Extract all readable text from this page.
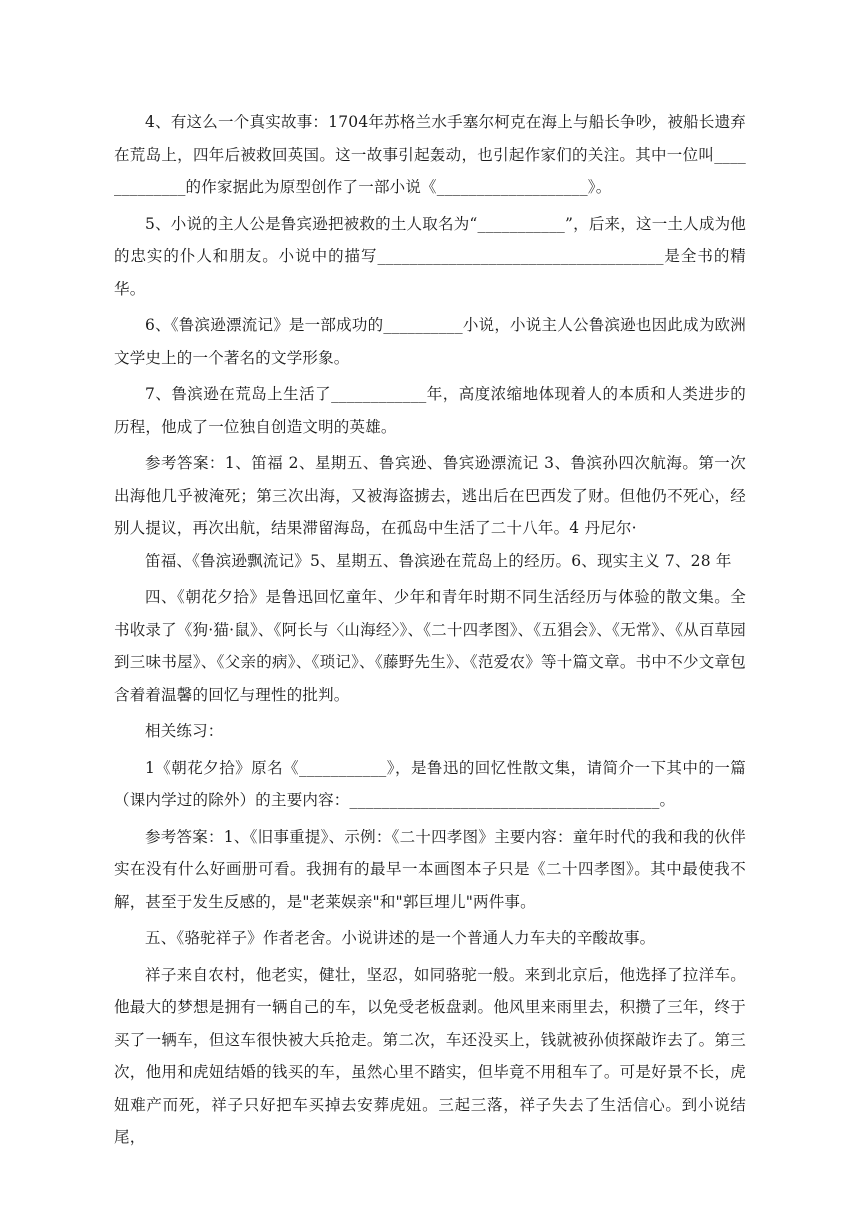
4、有这么一个真实故事：1704年苏格兰水手塞尔柯克在海上与船长争吵，被船长遗弃在荒岛上，四年后被救回英国。这一故事引起轰动，也引起作家们的关注。其中一位叫_____________的作家据此为原型创作了一部小说《___________________》。

5、小说的主人公是鲁宾逊把被救的土人取名为“___________”，后来，这一土人成为他的忠实的仆人和朋友。小说中的描写____________________________________是全书的精华。

6、《鲁滨逊漂流记》是一部成功的__________小说，小说主人公鲁滨逊也因此成为欧洲文学史上的一个著名的文学形象。

7、鲁滨逊在荒岛上生活了____________年，高度浓缩地体现着人的本质和人类进步的历程，他成了一位独自创造文明的英雄。

参考答案：1、笛福 2、星期五、鲁宾逊、鲁宾逊漂流记 3、鲁滨孙四次航海。第一次出海他几乎被淹死；第三次出海，又被海盗掳去，逃出后在巴西发了财。但他仍不死心，经别人提议，再次出航，结果滞留海岛，在孤岛中生活了二十八年。4 丹尼尔·

笛福、《鲁滨逊飘流记》5、星期五、鲁滨逊在荒岛上的经历。6、现实主义 7、28 年

四、《朝花夕拾》是鲁迅回忆童年、少年和青年时期不同生活经历与体验的散文集。全书收录了《狗·猫·鼠》、《阿长与〈山海经〉》、《二十四孝图》、《五猖会》、《无常》、《从百草园到三味书屋》、《父亲的病》、《琐记》、《藤野先生》、《范爱农》等十篇文章。书中不少文章包含着着温馨的回忆与理性的批判。

相关练习：

1《朝花夕拾》原名《___________》，是鲁迅的回忆性散文集，请简介一下其中的一篇（课内学过的除外）的主要内容：_______________________________________。

参考答案：1、《旧事重提》、示例：《二十四孝图》主要内容：童年时代的我和我的伙伴实在没有什么好画册可看。我拥有的最早一本画图本子只是《二十四孝图》。其中最使我不解，甚至于发生反感的，是"老莱娱亲"和"郭巨埋儿"两件事。

五、《骆驼祥子》作者老舍。小说讲述的是一个普通人力车夫的辛酸故事。

祥子来自农村，他老实，健壮，坚忍，如同骆驼一般。来到北京后，他选择了拉洋车。他最大的梦想是拥有一辆自己的车，以免受老板盘剥。他风里来雨里去，积攒了三年，终于买了一辆车，但这车很快被大兵抢走。第二次，车还没买上，钱就被孙侦探敲诈去了。第三次，他用和虎妞结婚的钱买的车，虽然心里不踏实，但毕竟不用租车了。可是好景不长，虎妞难产而死，祥子只好把车买掉去安葬虎妞。三起三落，祥子失去了生活信心。到小说结尾，
